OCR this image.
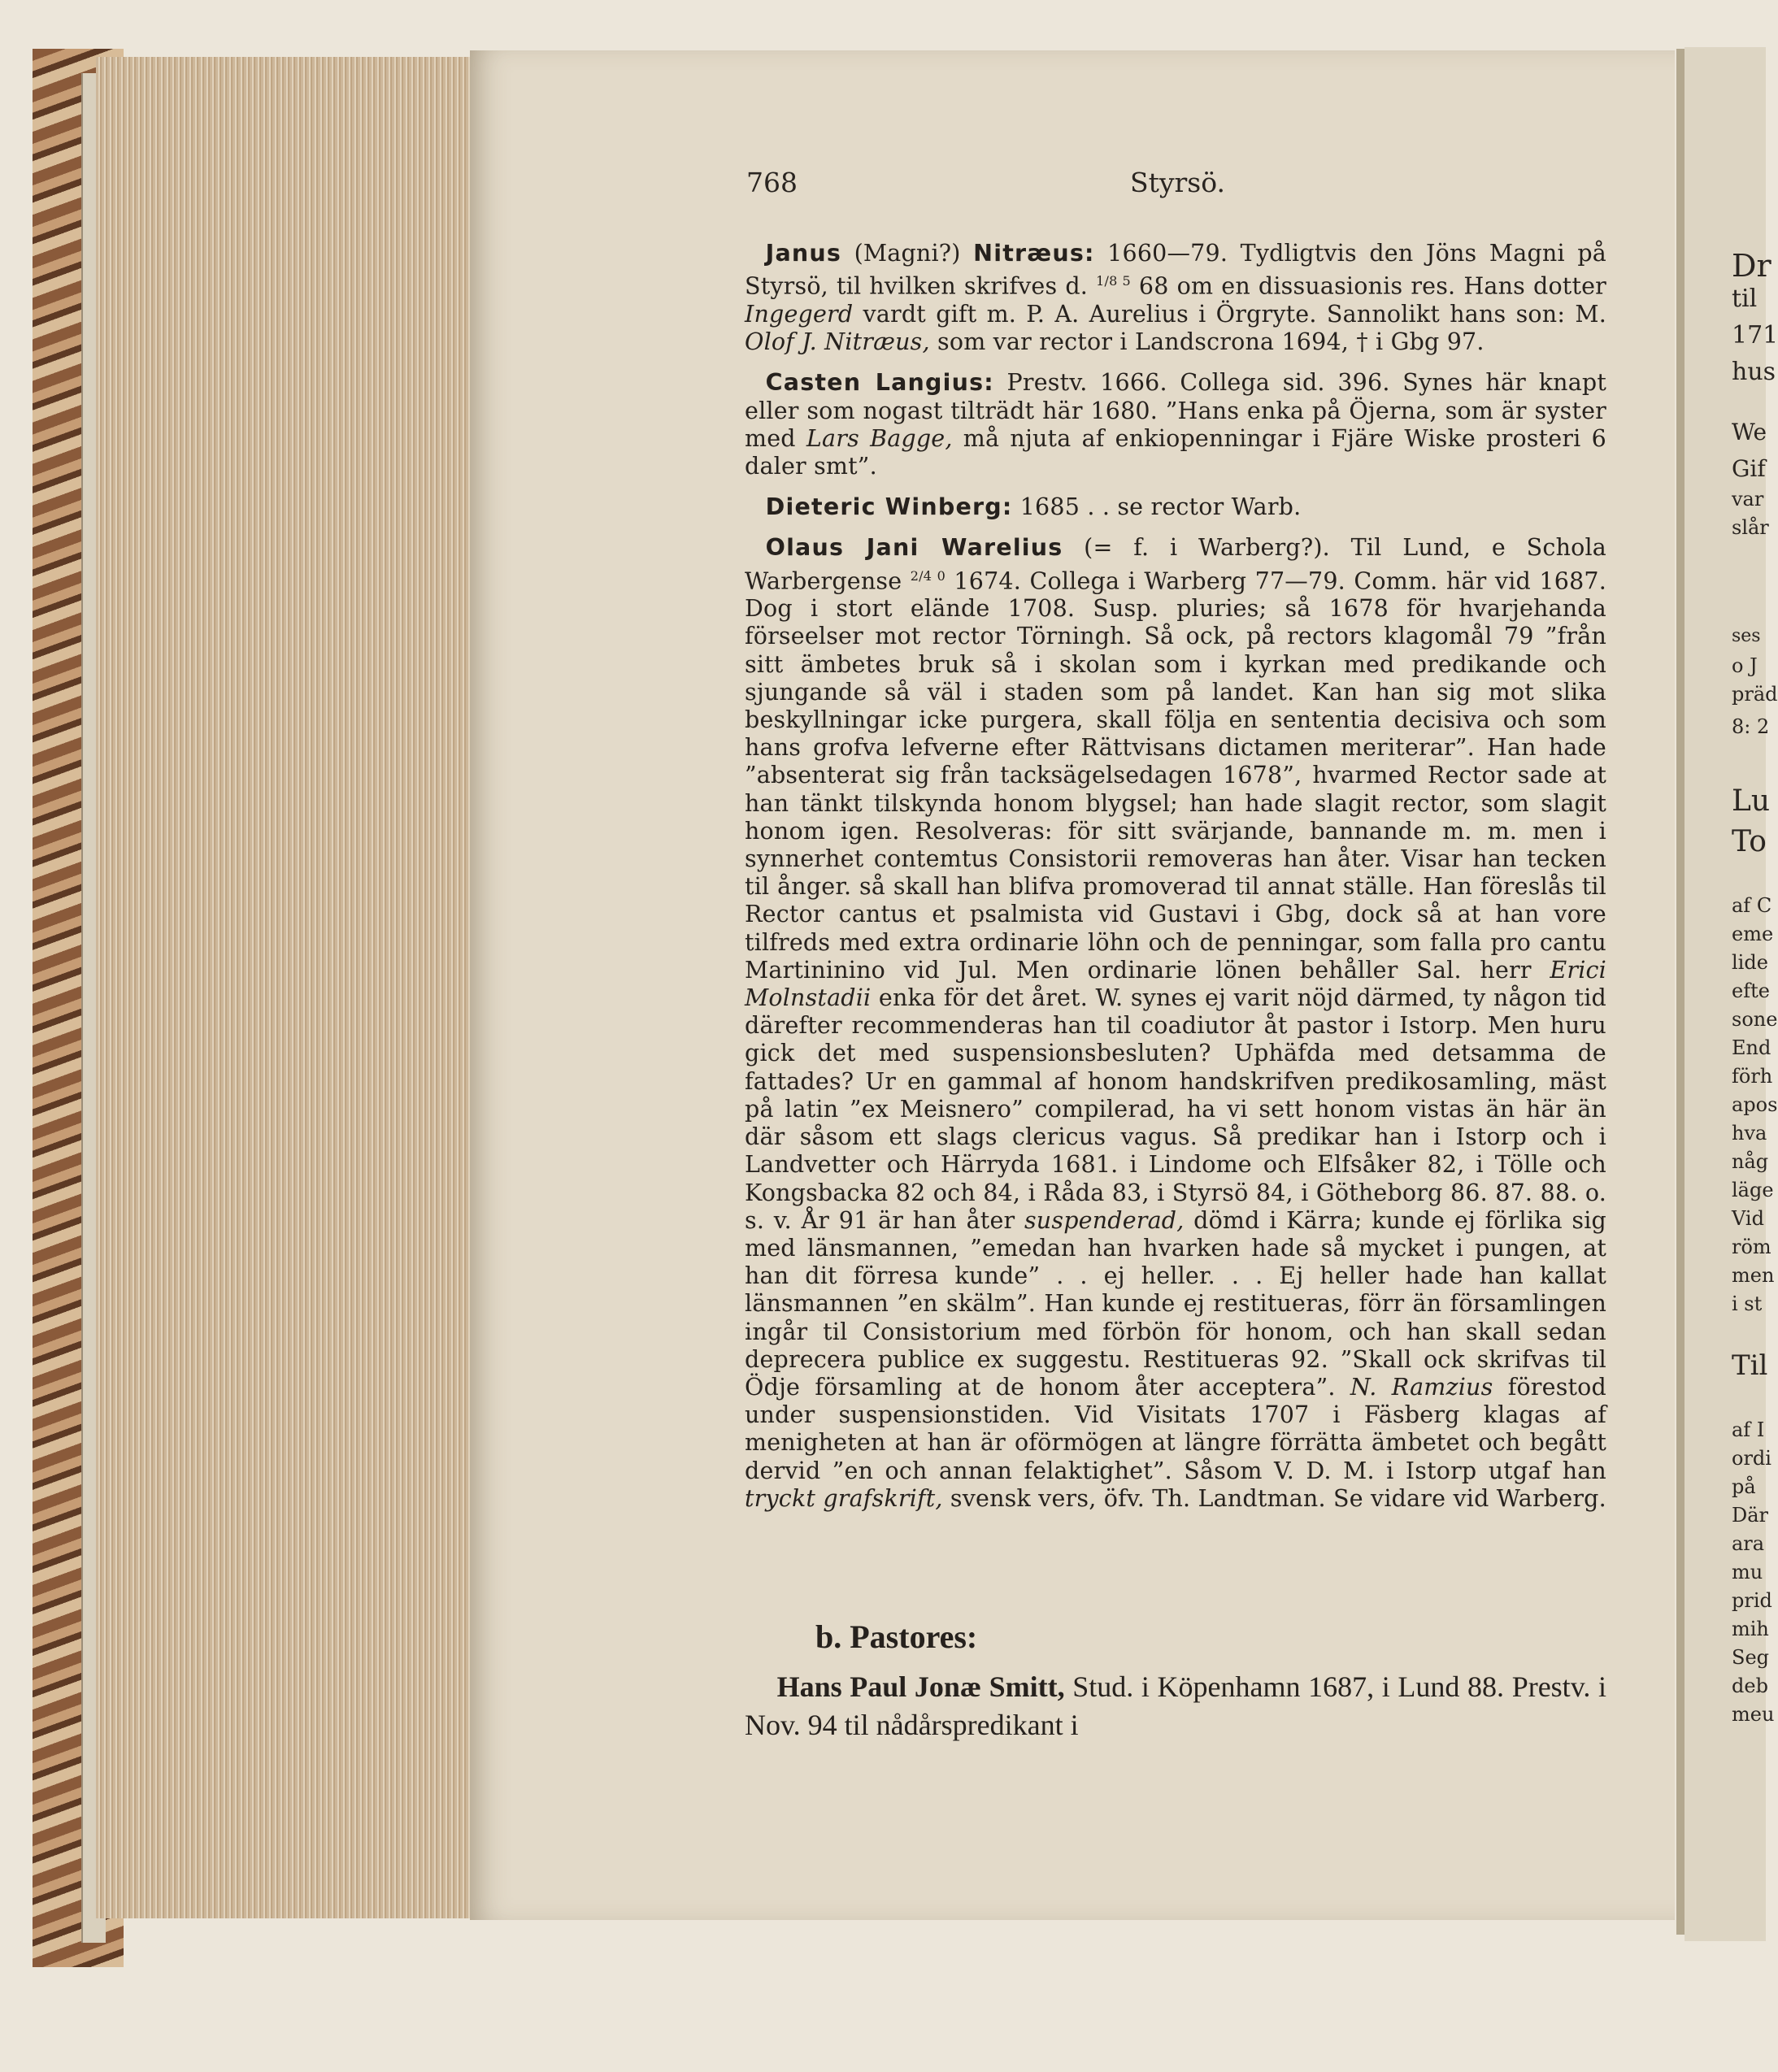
Dr
til
171
hus
We
Gif
var
slår
ses
o J
präd
8: 2
Lu
To
af C
eme
lide
efte
sone
End
förh
apos
hva
någ
läge
Vid
röm
men
i st
Til
af I
ordi
på
Där
ara
mu
prid
mih
Seg
deb
meu
768	Styrsö.

Janus (Magni?) Nitræus: 1660—79. Tydligtvis den Jöns Magni på Styrsö, til hvilken skrifves d. $^{1/8 5}$ 68 om en dissuasionis res. Hans dotter Ingegerd vardt gift m. P. A. Aurelius i Örgryte. Sannolikt hans son: M. Olof J. Nitræus, som var rector i Landscrona 1694, † i Gbg 97.

Casten Langius: Prestv. 1666. Collega sid. 396. Synes här knapt eller som nogast tilträdt här 1680. ”Hans enka på Öjerna, som är syster med Lars Bagge, må njuta af enkiopenningar i Fjäre Wiske prosteri 6 daler smt”.

Dieteric Winberg: 1685 . . se rector Warb.

Olaus Jani Warelius (= f. i Warberg?). Til Lund, e Schola Warbergense $^{2/4 0}$ 1674. Collega i Warberg 77—79. Comm. här vid 1687. Dog i stort elände 1708. Susp. pluries; så 1678 för hvarjehanda förseelser mot rector Törningh. Så ock, på rectors klagomål 79 ”från sitt ämbetes bruk så i skolan som i kyrkan med predikande och sjungande så väl i staden som på landet. Kan han sig mot slika beskyllningar icke purgera, skall följa en sententia decisiva och som hans grofva lefverne efter Rättvisans dictamen meriterar”. Han hade ”absenterat sig från tacksägelsedagen 1678”, hvarmed Rector sade at han tänkt tilskynda honom blygsel; han hade slagit rector, som slagit honom igen. Resolveras: för sitt svärjande, bannande m. m. men i synnerhet contemtus Consistorii removeras han åter. Visar han tecken til ånger. så skall han blifva promoverad til annat ställe. Han föreslås til Rector cantus et psalmista vid Gustavi i Gbg, dock så at han vore tilfreds med extra ordinarie löhn och de penningar, som falla pro cantu Martininino vid Jul. Men ordinarie lönen behåller Sal. herr Erici Molnstadii enka för det året. W. synes ej varit nöjd därmed, ty någon tid därefter recommenderas han til coadiutor åt pastor i Istorp. Men huru gick det med suspensionsbesluten? Uphäfda med detsamma de fattades? Ur en gammal af honom handskrifven predikosamling, mäst på latin ”ex Meisnero” compilerad, ha vi sett honom vistas än här än där såsom ett slags clericus vagus. Så predikar han i Istorp och i Landvetter och Härryda 1681. i Lindome och Elfsåker 82, i Tölle och Kongsbacka 82 och 84, i Råda 83, i Styrsö 84, i Götheborg 86. 87. 88. o. s. v. År 91 är han åter suspenderad, dömd i Kärra; kunde ej förlika sig med länsmannen, ”emedan han hvarken hade så mycket i pungen, at han dit förresa kunde” . . ej heller. . . Ej heller hade han kallat länsmannen ”en skälm”. Han kunde ej restitueras, förr än församlingen ingår til Consistorium med förbön för honom, och han skall sedan deprecera publice ex suggestu. Restitueras 92. ”Skall ock skrifvas til Ödje församling at de honom åter acceptera”. N. Ramzius förestod under suspensionstiden. Vid Visitats 1707 i Fäsberg klagas af menigheten at han är oförmögen at längre förrätta ämbetet och begått dervid ”en och annan felaktighet”. Såsom V. D. M. i Istorp utgaf han tryckt grafskrift, svensk vers, öfv. Th. Landtman. Se vidare vid Warberg.

b. Pastores:

Hans Paul Jonæ Smitt, Stud. i Köpenhamn 1687, i Lund 88. Prestv. i Nov. 94 til nådårspredikant i
